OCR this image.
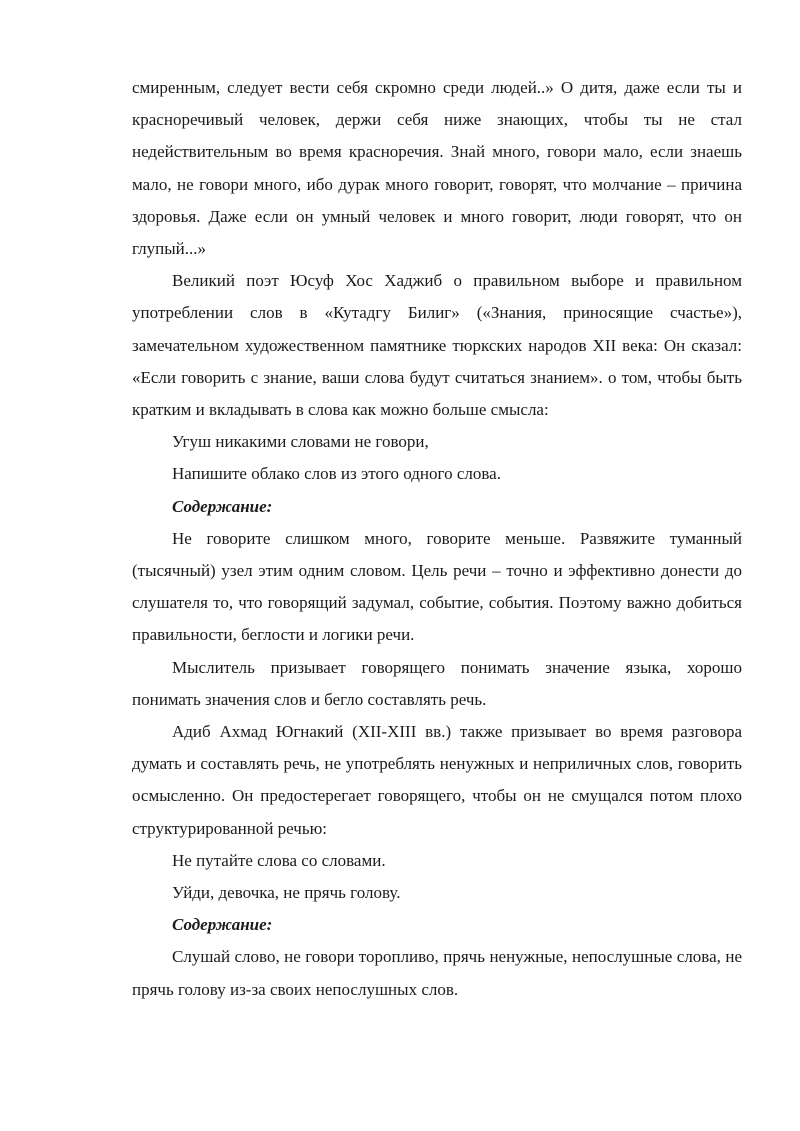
смиренным, следует вести себя скромно среди людей..» О дитя, даже если ты и красноречивый человек, держи себя ниже знающих, чтобы ты не стал недействительным во время красноречия. Знай много, говори мало, если знаешь мало, не говори много, ибо дурак много говорит, говорят, что молчание – причина здоровья. Даже если он умный человек и много говорит, люди говорят, что он глупый...»

Великий поэт Юсуф Хос Хаджиб о правильном выборе и правильном употреблении слов в «Кутадгу Билиг» («Знания, приносящие счастье»), замечательном художественном памятнике тюркских народов XII века: Он сказал: «Если говорить с знание, ваши слова будут считаться знанием». о том, чтобы быть кратким и вкладывать в слова как можно больше смысла:

Угуш никакими словами не говори,

Напишите облако слов из этого одного слова.

Содержание:

Не говорите слишком много, говорите меньше. Развяжите туманный (тысячный) узел этим одним словом. Цель речи – точно и эффективно донести до слушателя то, что говорящий задумал, событие, события. Поэтому важно добиться правильности, беглости и логики речи.

Мыслитель призывает говорящего понимать значение языка, хорошо понимать значения слов и бегло составлять речь.

Адиб Ахмад Югнакий (XII-XIII вв.) также призывает во время разговора думать и составлять речь, не употреблять ненужных и неприличных слов, говорить осмысленно. Он предостерегает говорящего, чтобы он не смущался потом плохо структурированной речью:

Не путайте слова со словами.

Уйди, девочка, не прячь голову.

Содержание:

Слушай слово, не говори торопливо, прячь ненужные, непослушные слова, не прячь голову из-за своих непослушных слов.
